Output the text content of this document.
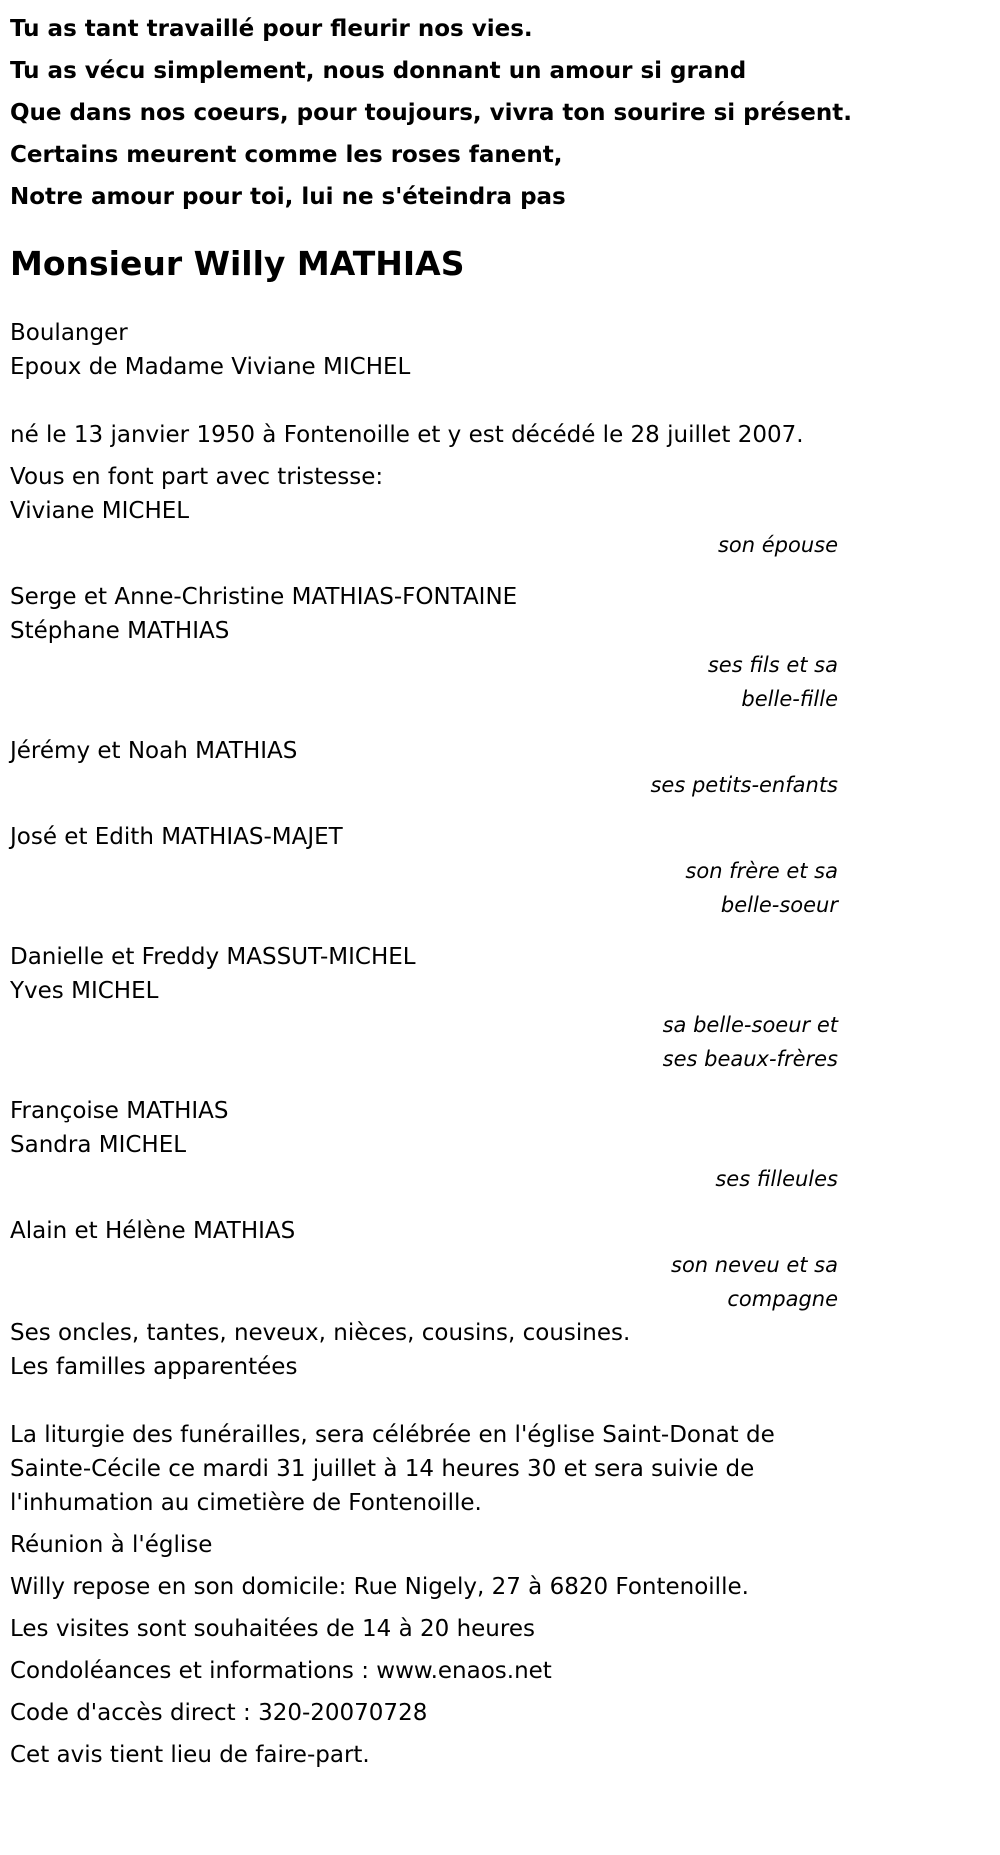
Tu as tant travaillé pour fleurir nos vies.
Tu as vécu simplement, nous donnant un amour si grand
Que dans nos coeurs, pour toujours, vivra ton sourire si présent.
Certains meurent comme les roses fanent,
Notre amour pour toi, lui ne s'éteindra pas
Monsieur Willy MATHIAS
Boulanger
Epoux de Madame Viviane MICHEL
né le 13 janvier 1950 à Fontenoille et y est décédé le 28 juillet 2007.
Vous en font part avec tristesse:
Viviane MICHEL
son épouse
Serge et Anne-Christine MATHIAS-FONTAINE
Stéphane MATHIAS
ses fils et sa
belle-fille
Jérémy et Noah MATHIAS
ses petits-enfants
José et Edith MATHIAS-MAJET
son frère et sa
belle-soeur
Danielle et Freddy MASSUT-MICHEL
Yves MICHEL
sa belle-soeur et
ses beaux-frères
Françoise MATHIAS
Sandra MICHEL
ses filleules
Alain et Hélène MATHIAS
son neveu et sa
compagne
Ses oncles, tantes, neveux, nièces, cousins, cousines.
Les familles apparentées
La liturgie des funérailles, sera célébrée en l'église Saint-Donat de Sainte-Cécile ce mardi 31 juillet à 14 heures 30 et sera suivie de l'inhumation au cimetière de Fontenoille.
Réunion à l'église
Willy repose en son domicile: Rue Nigely, 27 à 6820 Fontenoille.
Les visites sont souhaitées de 14 à 20 heures
Condoléances et informations : www.enaos.net
Code d'accès direct : 320-20070728
Cet avis tient lieu de faire-part.
